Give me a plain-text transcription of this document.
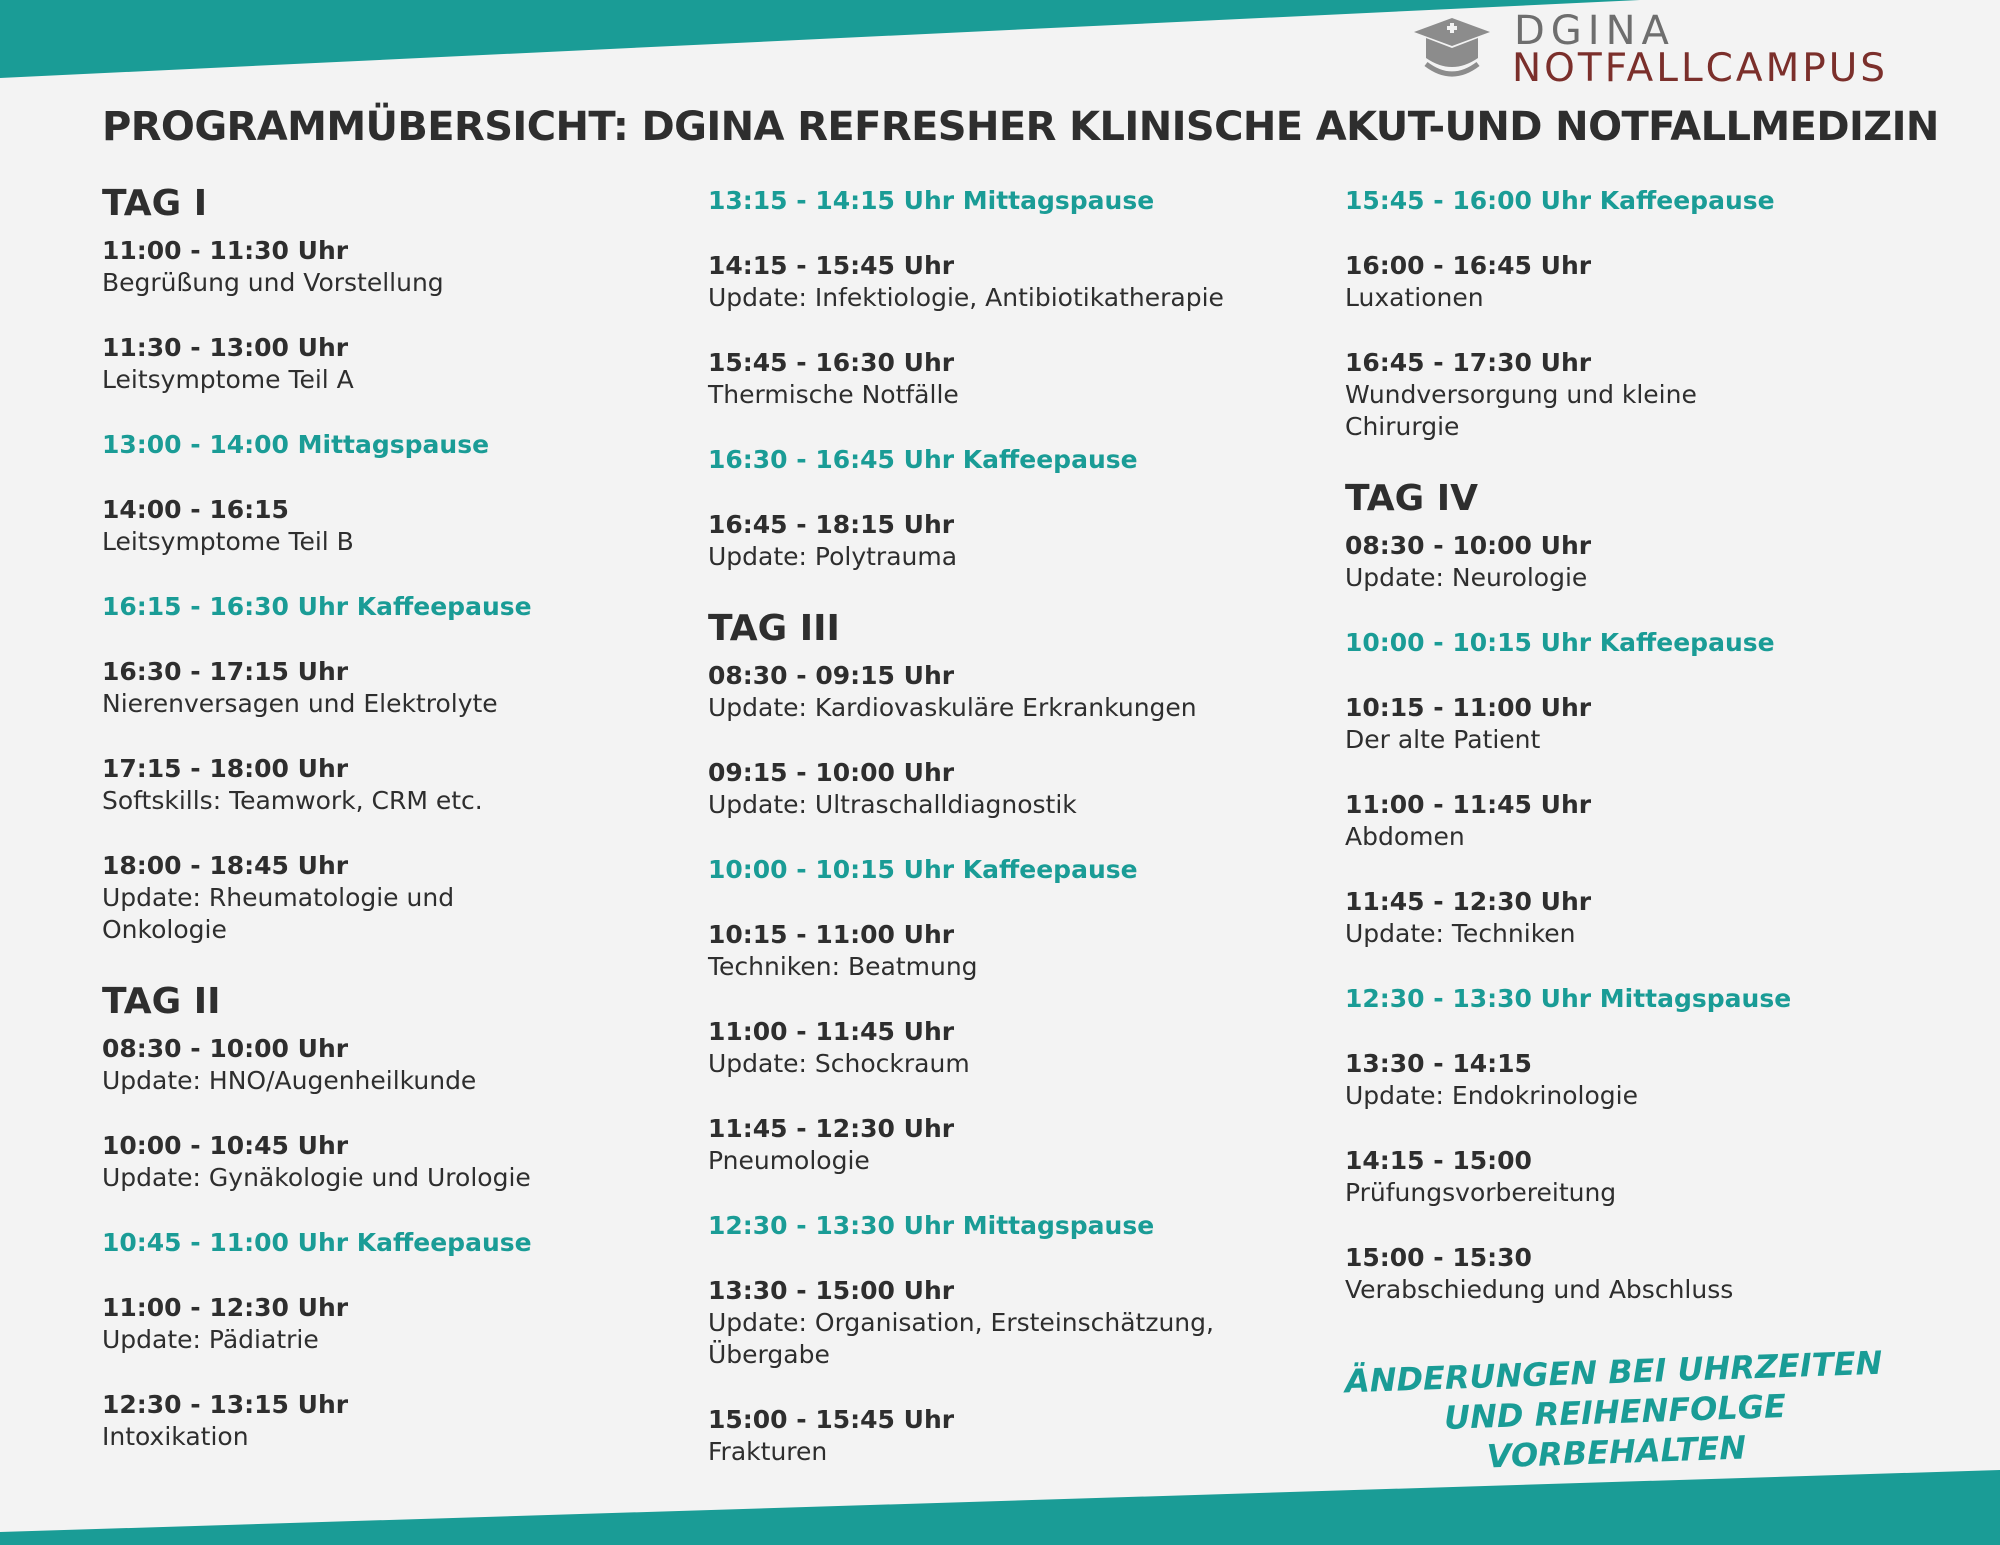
DGINA
NOTFALLCAMPUS
PROGRAMMÜBERSICHT: DGINA REFRESHER KLINISCHE AKUT-UND NOTFALLMEDIZIN
TAG I
11:00 - 11:30 Uhr
Begrüßung und Vorstellung
11:30 - 13:00 Uhr
Leitsymptome Teil A
13:00 - 14:00 Mittagspause
14:00 - 16:15
Leitsymptome Teil B
16:15 - 16:30 Uhr Kaffeepause
16:30 - 17:15 Uhr
Nierenversagen und Elektrolyte
17:15 - 18:00 Uhr
Softskills: Teamwork, CRM etc.
18:00 - 18:45 Uhr
Update: Rheumatologie und Onkologie
TAG II
08:30 - 10:00 Uhr
Update: HNO/Augenheilkunde
10:00 - 10:45 Uhr
Update: Gynäkologie und Urologie
10:45 - 11:00 Uhr Kaffeepause
11:00 - 12:30 Uhr
Update: Pädiatrie
12:30 - 13:15 Uhr
Intoxikation
13:15 - 14:15 Uhr Mittagspause
14:15 - 15:45 Uhr
Update: Infektiologie, Antibiotikatherapie
15:45 - 16:30 Uhr
Thermische Notfälle
16:30 - 16:45 Uhr Kaffeepause
16:45 - 18:15 Uhr
Update: Polytrauma
TAG III
08:30 - 09:15 Uhr
Update: Kardiovaskuläre Erkrankungen
09:15 - 10:00 Uhr
Update: Ultraschalldiagnostik
10:00 - 10:15 Uhr Kaffeepause
10:15 - 11:00 Uhr
Techniken: Beatmung
11:00 - 11:45 Uhr
Update: Schockraum
11:45 - 12:30 Uhr
Pneumologie
12:30 - 13:30 Uhr Mittagspause
13:30 - 15:00 Uhr
Update: Organisation, Ersteinschätzung, Übergabe
15:00 - 15:45 Uhr
Frakturen
15:45 - 16:00 Uhr Kaffeepause
16:00 - 16:45 Uhr
Luxationen
16:45 - 17:30 Uhr
Wundversorgung und kleine Chirurgie
TAG IV
08:30 - 10:00 Uhr
Update: Neurologie
10:00 - 10:15 Uhr Kaffeepause
10:15 - 11:00 Uhr
Der alte Patient
11:00 - 11:45 Uhr
Abdomen
11:45 - 12:30 Uhr
Update: Techniken
12:30 - 13:30 Uhr Mittagspause
13:30 - 14:15
Update: Endokrinologie
14:15 - 15:00
Prüfungsvorbereitung
15:00 - 15:30
Verabschiedung und Abschluss
ÄNDERUNGEN BEI UHRZEITEN UND REIHENFOLGE VORBEHALTEN
